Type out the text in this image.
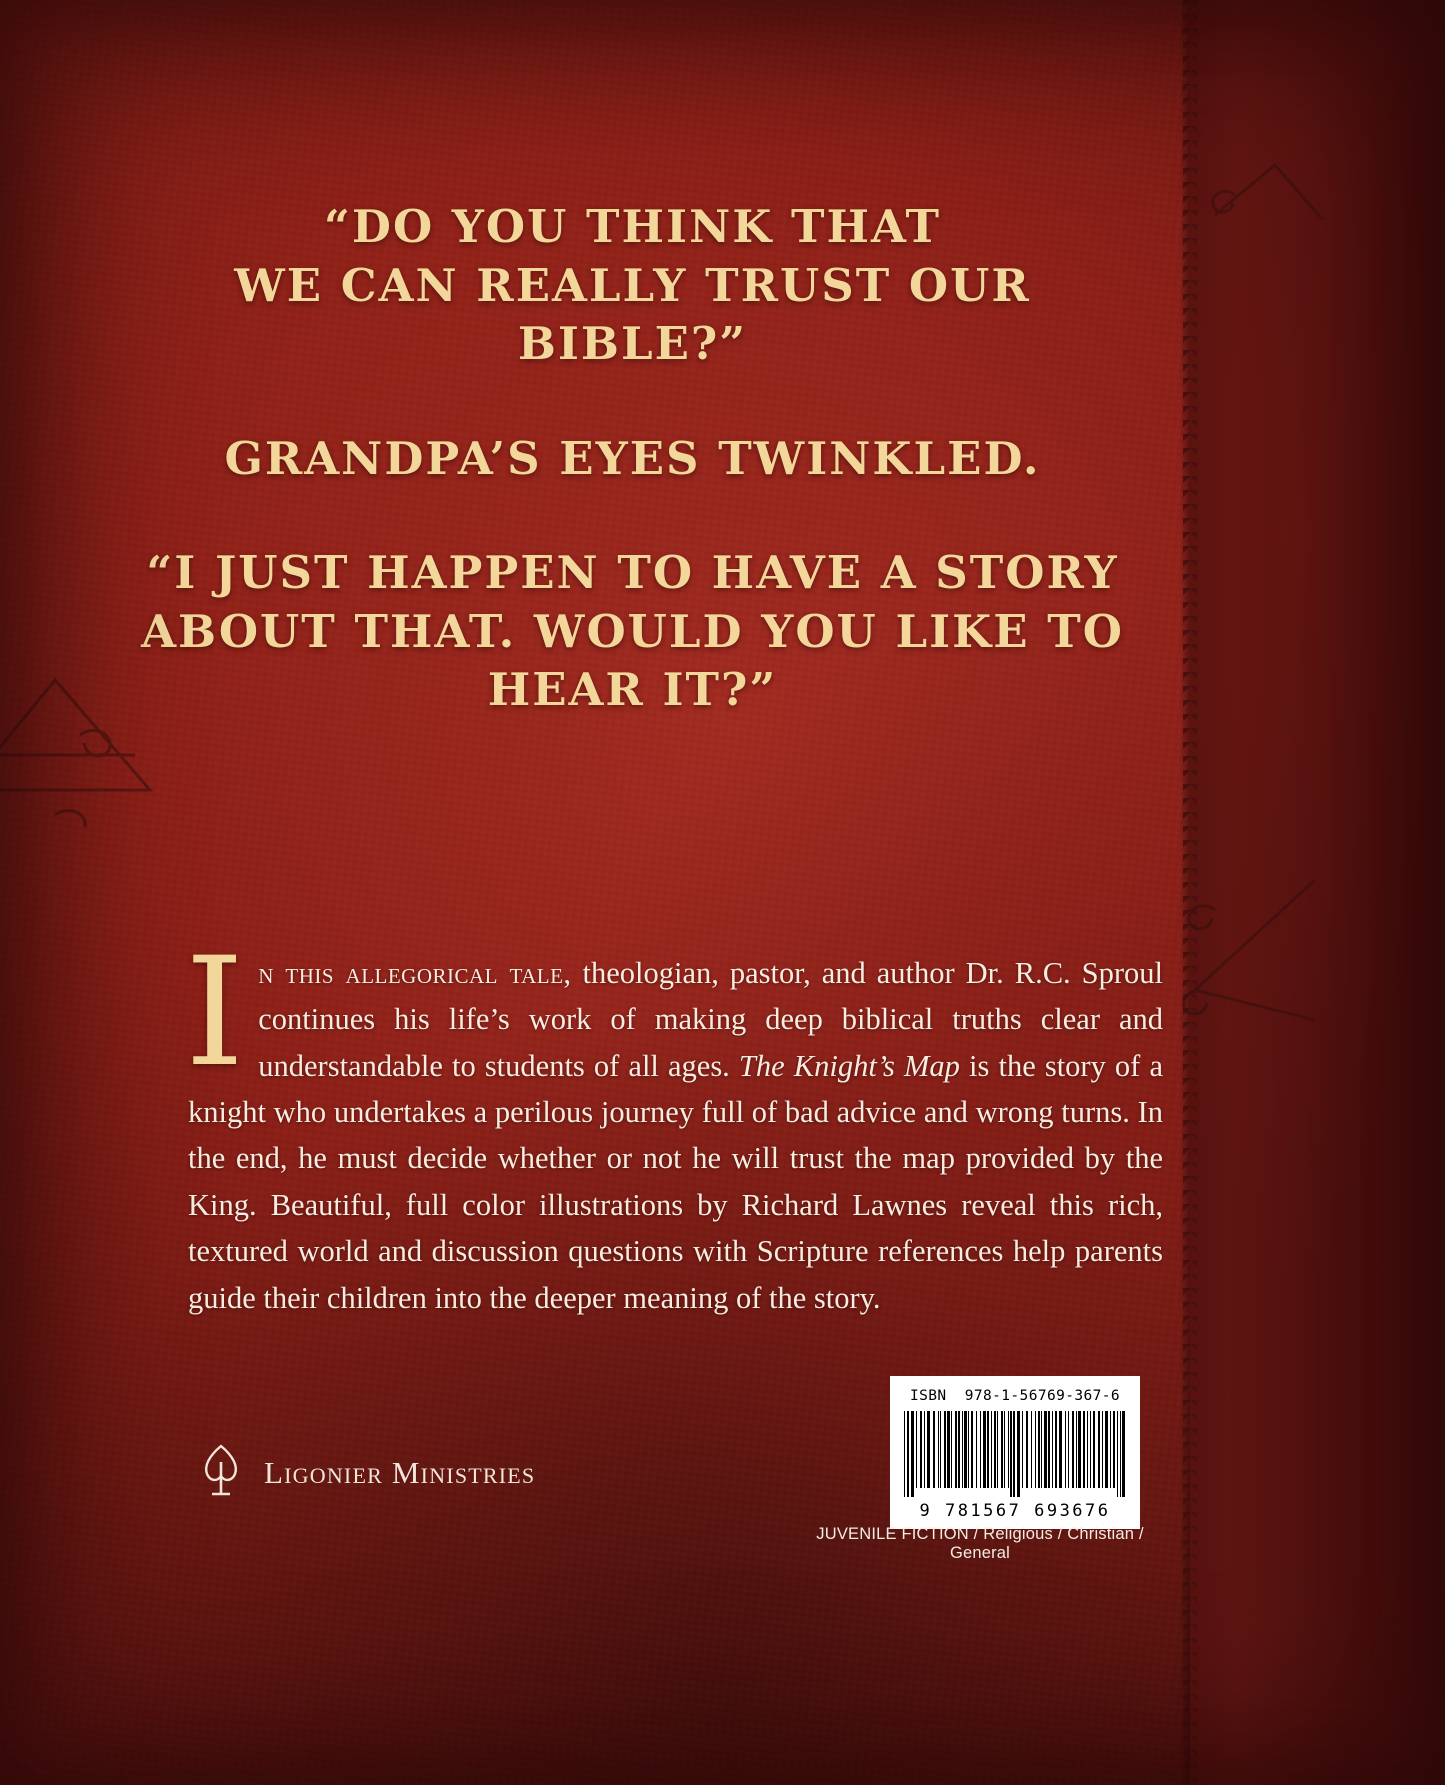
“DO YOU THINK THAT
WE CAN REALLY TRUST OUR BIBLE?”

GRANDPA’S EYES TWINKLED.

“I JUST HAPPEN TO HAVE A STORY
ABOUT THAT. WOULD YOU LIKE TO
HEAR IT?”

In this allegorical tale, theologian, pastor, and author Dr. R.C. Sproul continues his life’s work of making deep biblical truths clear and understandable to students of all ages. The Knight’s Map is the story of a knight who undertakes a perilous journey full of bad advice and wrong turns. In the end, he must decide whether or not he will trust the map provided by the King. Beautiful, full color illustrations by Richard Lawnes reveal this rich, textured world and discussion questions with Scripture references help parents guide their children into the deeper meaning of the story.
Ligonier Ministries
ISBN 978-1-56769-367-6
9 781567 693676
JUVENILE FICTION / Religious / Christian / General
